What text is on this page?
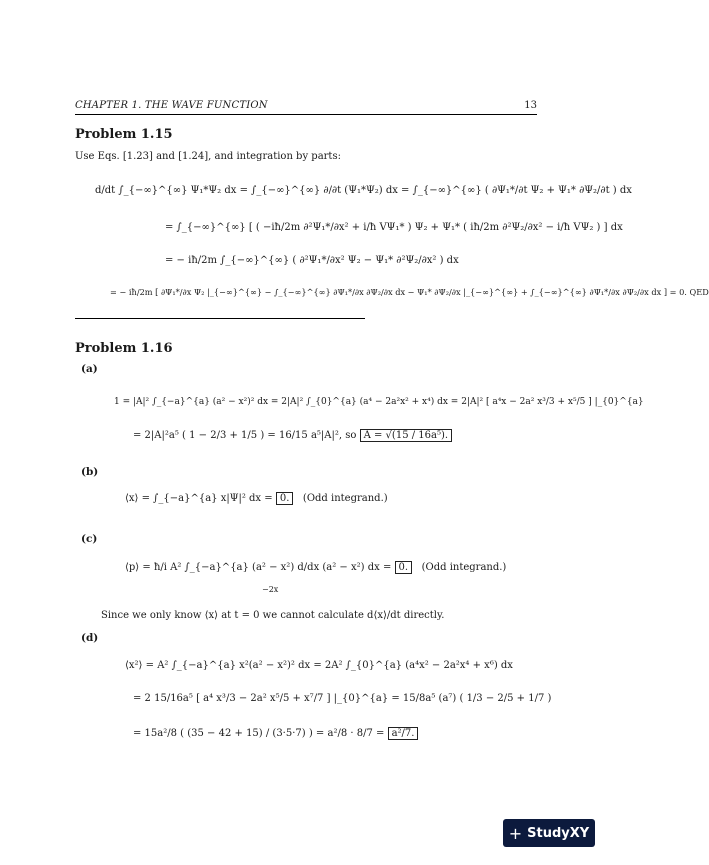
CHAPTER 1. THE WAVE FUNCTION	13
Problem 1.15
Use Eqs. [1.23] and [1.24], and integration by parts:
d/dt ∫_{−∞}^{∞} Ψ₁*Ψ₂ dx = ∫_{−∞}^{∞} ∂/∂t (Ψ₁*Ψ₂) dx = ∫_{−∞}^{∞} ( ∂Ψ₁*/∂t Ψ₂ + Ψ₁* ∂Ψ₂/∂t ) dx
= ∫_{−∞}^{∞} [ ( −iħ/2m ∂²Ψ₁*/∂x² + i/ħ VΨ₁* ) Ψ₂ + Ψ₁* ( iħ/2m ∂²Ψ₂/∂x² − i/ħ VΨ₂ ) ] dx
= − iħ/2m ∫_{−∞}^{∞} ( ∂²Ψ₁*/∂x² Ψ₂ − Ψ₁* ∂²Ψ₂/∂x² ) dx
= − iħ/2m [ ∂Ψ₁*/∂x Ψ₂ |_{−∞}^{∞} − ∫_{−∞}^{∞} ∂Ψ₁*/∂x ∂Ψ₂/∂x dx − Ψ₁* ∂Ψ₂/∂x |_{−∞}^{∞} + ∫_{−∞}^{∞} ∂Ψ₁*/∂x ∂Ψ₂/∂x dx ] = 0. QED
Problem 1.16
(a)
1 = |A|² ∫_{−a}^{a} (a² − x²)² dx = 2|A|² ∫_{0}^{a} (a⁴ − 2a²x² + x⁴) dx = 2|A|² [ a⁴x − 2a² x³/3 + x⁵/5 ] |_{0}^{a}
= 2|A|²a⁵ ( 1 − 2/3 + 1/5 ) = 16/15 a⁵|A|², so A = √(15 / 16a⁵).
(b)
⟨x⟩ = ∫_{−a}^{a} x|Ψ|² dx = 0. (Odd integrand.)
(c)
⟨p⟩ = ħ/i A² ∫_{−a}^{a} (a² − x²) d/dx (a² − x²) dx = 0. (Odd integrand.)
−2x
Since we only know ⟨x⟩ at t = 0 we cannot calculate d⟨x⟩/dt directly.
(d)
⟨x²⟩ = A² ∫_{−a}^{a} x²(a² − x²)² dx = 2A² ∫_{0}^{a} (a⁴x² − 2a²x⁴ + x⁶) dx
= 2 15/16a⁵ [ a⁴ x³/3 − 2a² x⁵/5 + x⁷/7 ] |_{0}^{a} = 15/8a⁵ (a⁷) ( 1/3 − 2/5 + 1/7 )
= 15a²/8 ( (35 − 42 + 15) / (3·5·7) ) = a²/8 · 8/7 = a²/7.
+ StudyXY
